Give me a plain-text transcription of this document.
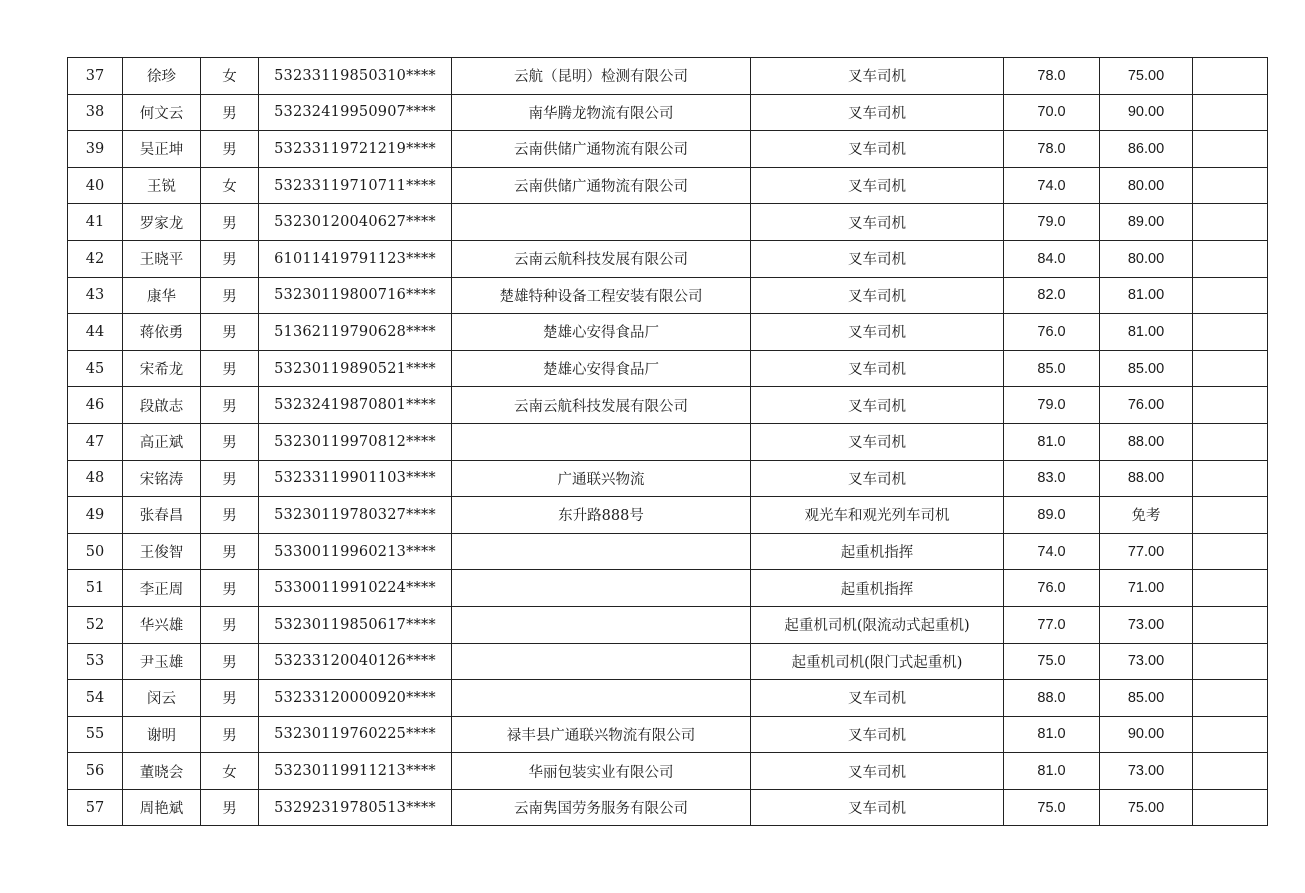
37	徐珍	女	53233119850310****	云航（昆明）检测有限公司	叉车司机	78.0	75.00	
38	何文云	男	53232419950907****	南华腾龙物流有限公司	叉车司机	70.0	90.00	
39	吴正坤	男	53233119721219****	云南供储广通物流有限公司	叉车司机	78.0	86.00	
40	王锐	女	53233119710711****	云南供储广通物流有限公司	叉车司机	74.0	80.00	
41	罗家龙	男	53230120040627****		叉车司机	79.0	89.00	
42	王晓平	男	61011419791123****	云南云航科技发展有限公司	叉车司机	84.0	80.00	
43	康华	男	53230119800716****	楚雄特种设备工程安装有限公司	叉车司机	82.0	81.00	
44	蒋依勇	男	51362119790628****	楚雄心安得食品厂	叉车司机	76.0	81.00	
45	宋希龙	男	53230119890521****	楚雄心安得食品厂	叉车司机	85.0	85.00	
46	段啟志	男	53232419870801****	云南云航科技发展有限公司	叉车司机	79.0	76.00	
47	高正斌	男	53230119970812****		叉车司机	81.0	88.00	
48	宋铭涛	男	53233119901103****	广通联兴物流	叉车司机	83.0	88.00	
49	张春昌	男	53230119780327****	东升路888号	观光车和观光列车司机	89.0	免考	
50	王俊智	男	53300119960213****		起重机指挥	74.0	77.00	
51	李正周	男	53300119910224****		起重机指挥	76.0	71.00	
52	华兴雄	男	53230119850617****		起重机司机(限流动式起重机)	77.0	73.00	
53	尹玉雄	男	53233120040126****		起重机司机(限门式起重机)	75.0	73.00	
54	闵云	男	53233120000920****		叉车司机	88.0	85.00	
55	谢明	男	53230119760225****	禄丰县广通联兴物流有限公司	叉车司机	81.0	90.00	
56	董晓会	女	53230119911213****	华丽包装实业有限公司	叉车司机	81.0	73.00	
57	周艳斌	男	53292319780513****	云南隽国劳务服务有限公司	叉车司机	75.0	75.00	
